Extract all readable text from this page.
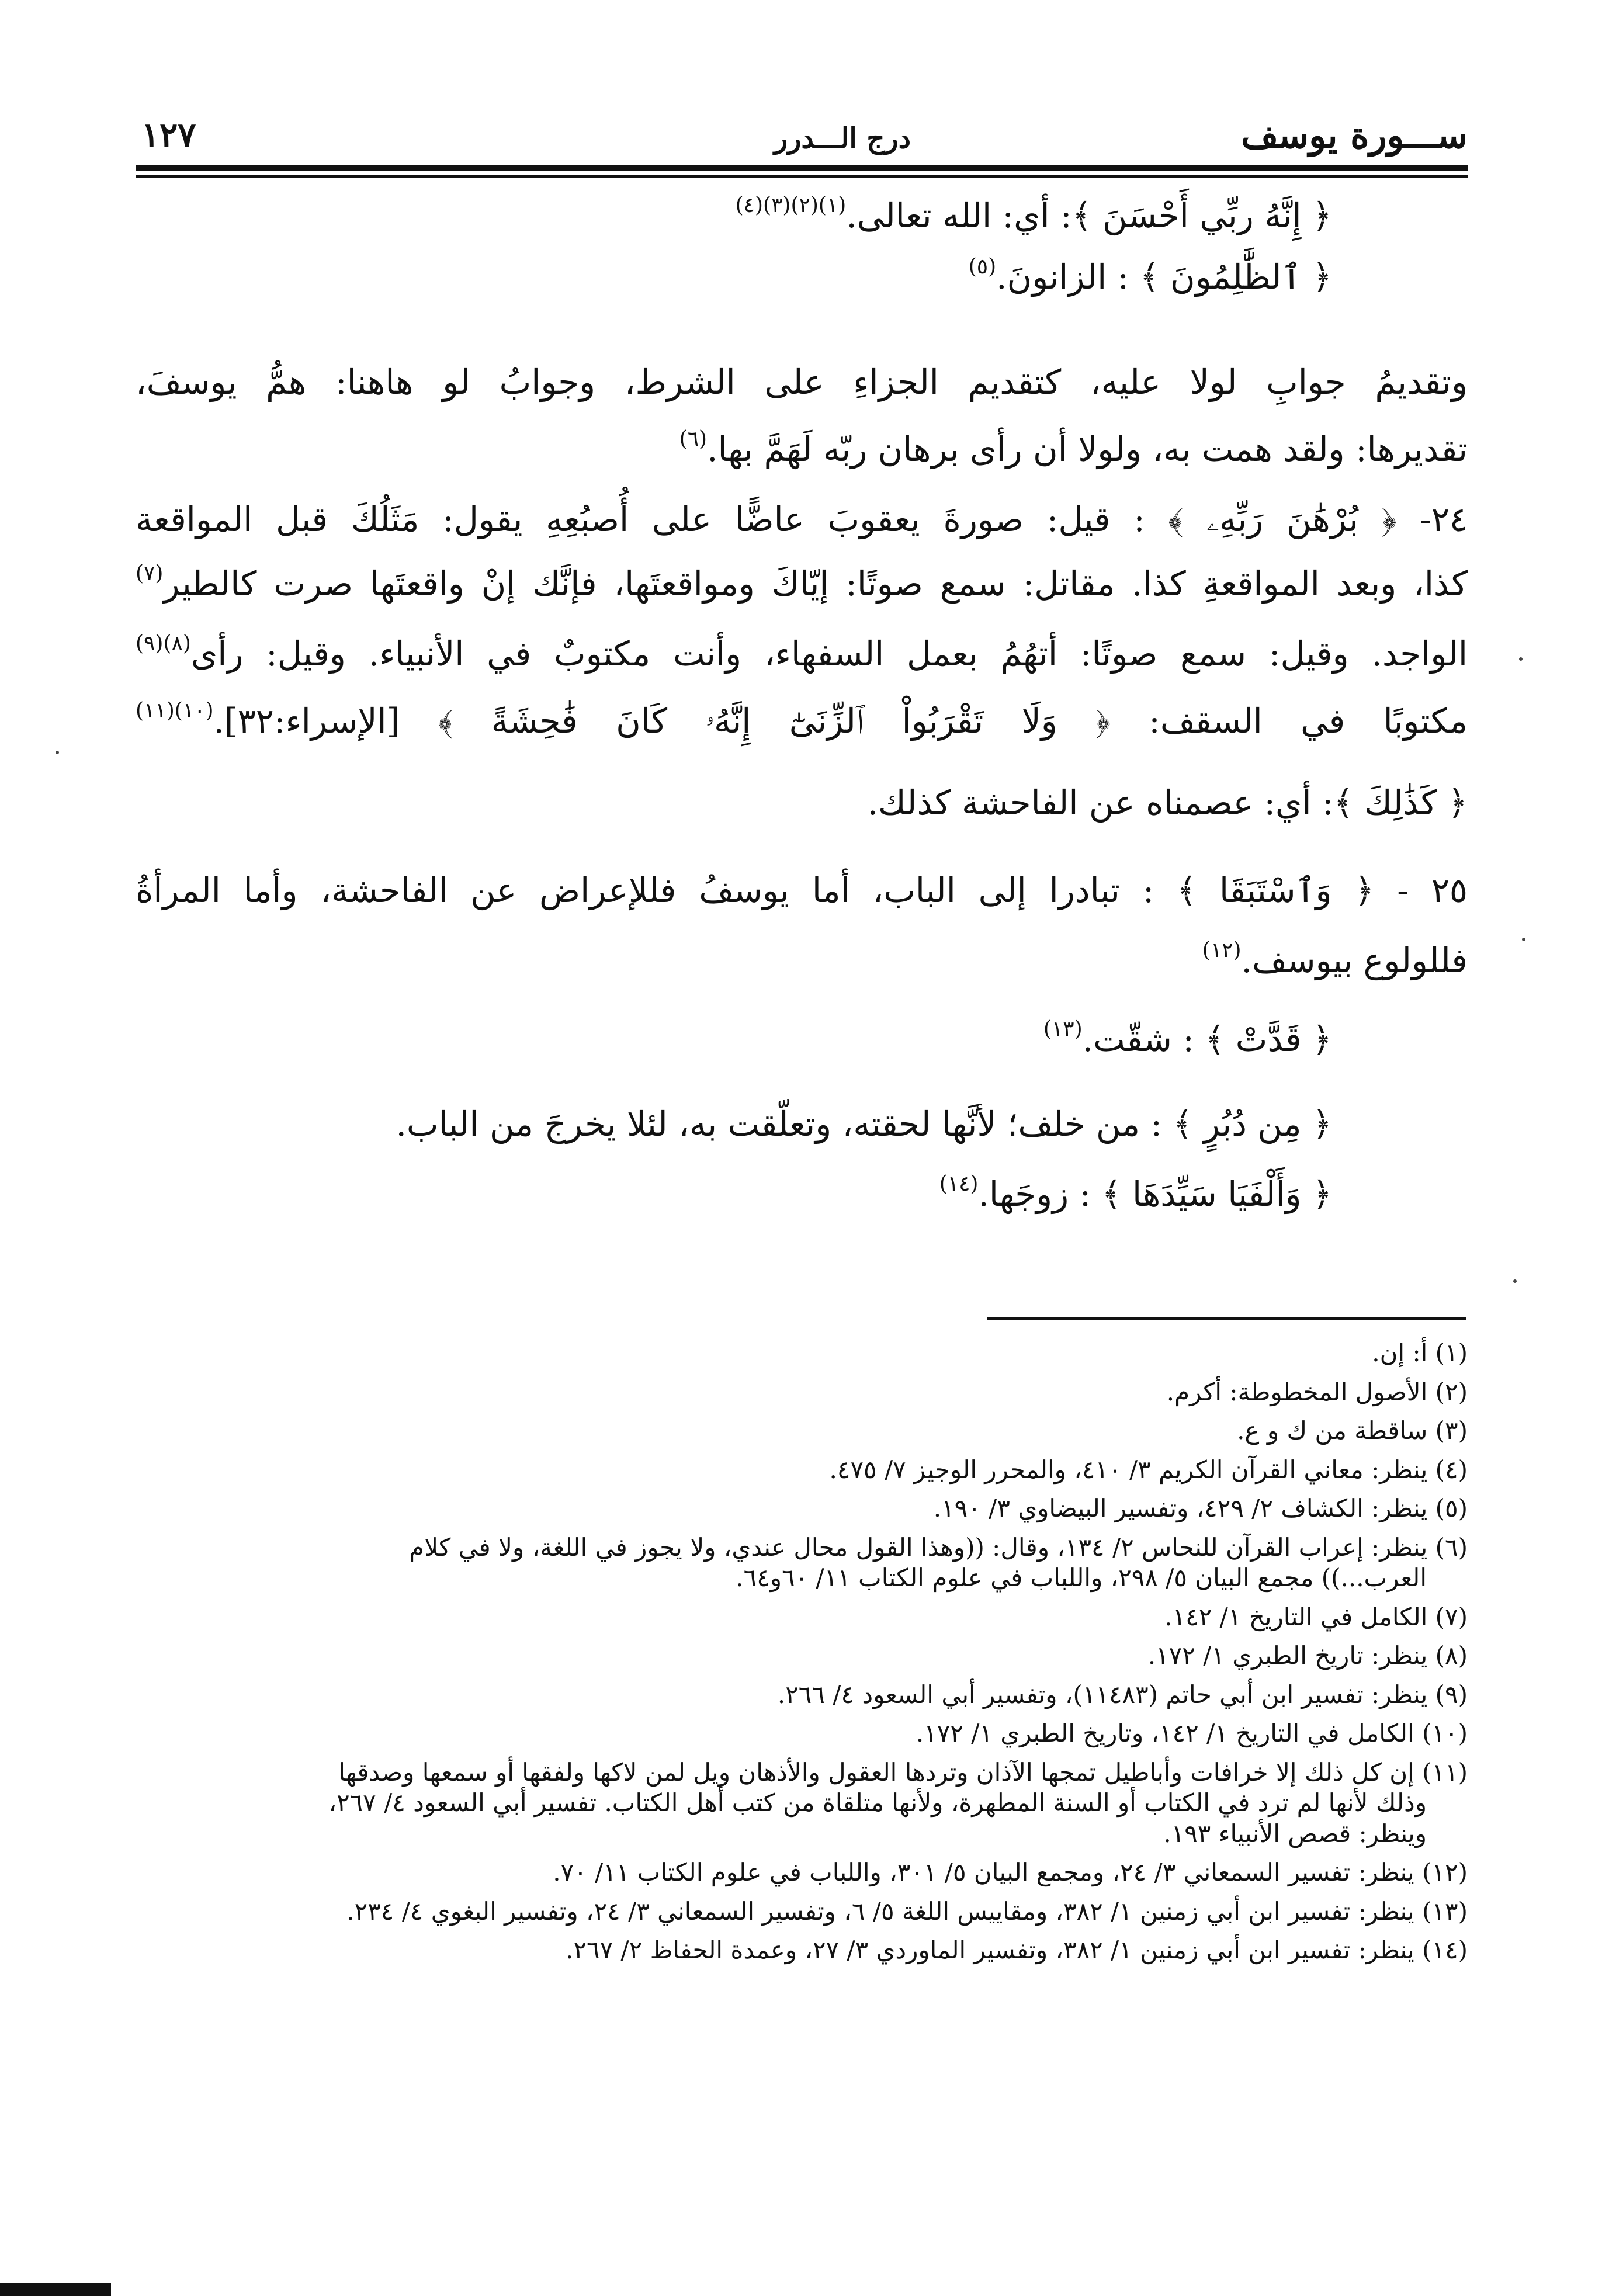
ســـورة يوسف
درج الـــدرر
١٢٧
﴿ إِنَّهُ ربِّي أَحْسَنَ ﴾: أي: الله تعالى.$^{(١)(٢)(٣)(٤)}$
﴿ ٱلظَّٰلِمُونَ ﴾ : الزانونَ.$^{(٥)}$
وتقديمُ جوابِ لولا عليه، كتقديم الجزاءِ على الشرط، وجوابُ لو هاهنا: همُّ يوسفَ،
تقديرها: ولقد همت به، ولولا أن رأى برهان ربّه لَهَمَّ بها.$^{(٦)}$
٢٤- ﴿ بُرْهَٰنَ رَبِّهِۦ ﴾ : قيل: صورةَ يعقوبَ عاضًّا على أُصبُعِهِ يقول: مَثَلُكَ قبل المواقعة
كذا، وبعد المواقعةِ كذا. مقاتل: سمع صوتًا: إيّاكَ ومواقعتَها، فإنَّك إنْ واقعتَها صرت كالطير$^{(٧)}$
الواجد. وقيل: سمع صوتًا: أتهُمُ بعمل السفهاء، وأنت مكتوبٌ في الأنبياء. وقيل: رأى$^{(٨)(٩)}$
مكتوبًا في السقف: ﴿ وَلَا تَقْرَبُواْ ٱلزِّنَىٰٓ إِنَّهُۥ كَانَ فَٰحِشَةً ﴾ [الإسراء:٣٢].$^{(١٠)(١١)}$
﴿ كَذَٰلِكَ ﴾: أي: عصمناه عن الفاحشة كذلك.
٢٥ - ﴿ وَٱسْتَبَقَا ﴾ : تبادرا إلى الباب، أما يوسفُ فللإعراض عن الفاحشة، وأما المرأةُ
فللولوع بيوسف.$^{(١٢)}$
﴿ قَدَّتْ ﴾ : شقّت.$^{(١٣)}$
﴿ مِن دُبُرٍ ﴾ : من خلف؛ لأنَّها لحقته، وتعلّقت به، لئلا يخرجَ من الباب.
﴿ وَأَلْفَيَا سَيِّدَهَا ﴾ : زوجَها.$^{(١٤)}$
(١) أ: إن.
(٢) الأصول المخطوطة: أكرم.
(٣) ساقطة من ك و ع.
(٤) ينظر: معاني القرآن الكريم ٣/ ٤١٠، والمحرر الوجيز ٧/ ٤٧٥.
(٥) ينظر: الكشاف ٢/ ٤٢٩، وتفسير البيضاوي ٣/ ١٩٠.
(٦) ينظر: إعراب القرآن للنحاس ٢/ ١٣٤، وقال: ((وهذا القول محال عندي، ولا يجوز في اللغة، ولا في كلام
العرب...)) مجمع البيان ٥/ ٢٩٨، واللباب في علوم الكتاب ١١/ ٦٠و٦٤.
(٧) الكامل في التاريخ ١/ ١٤٢.
(٨) ينظر: تاريخ الطبري ١/ ١٧٢.
(٩) ينظر: تفسير ابن أبي حاتم (١١٤٨٣)، وتفسير أبي السعود ٤/ ٢٦٦.
(١٠) الكامل في التاريخ ١/ ١٤٢، وتاريخ الطبري ١/ ١٧٢.
(١١) إن كل ذلك إلا خرافات وأباطيل تمجها الآذان وتردها العقول والأذهان ويل لمن لاكها ولفقها أو سمعها وصدقها
وذلك لأنها لم ترد في الكتاب أو السنة المطهرة، ولأنها متلقاة من كتب أهل الكتاب. تفسير أبي السعود ٤/ ٢٦٧،
وينظر: قصص الأنبياء ١٩٣.
(١٢) ينظر: تفسير السمعاني ٣/ ٢٤، ومجمع البيان ٥/ ٣٠١، واللباب في علوم الكتاب ١١/ ٧٠.
(١٣) ينظر: تفسير ابن أبي زمنين ١/ ٣٨٢، ومقاييس اللغة ٥/ ٦، وتفسير السمعاني ٣/ ٢٤، وتفسير البغوي ٤/ ٢٣٤.
(١٤) ينظر: تفسير ابن أبي زمنين ١/ ٣٨٢، وتفسير الماوردي ٣/ ٢٧، وعمدة الحفاظ ٢/ ٢٦٧.
